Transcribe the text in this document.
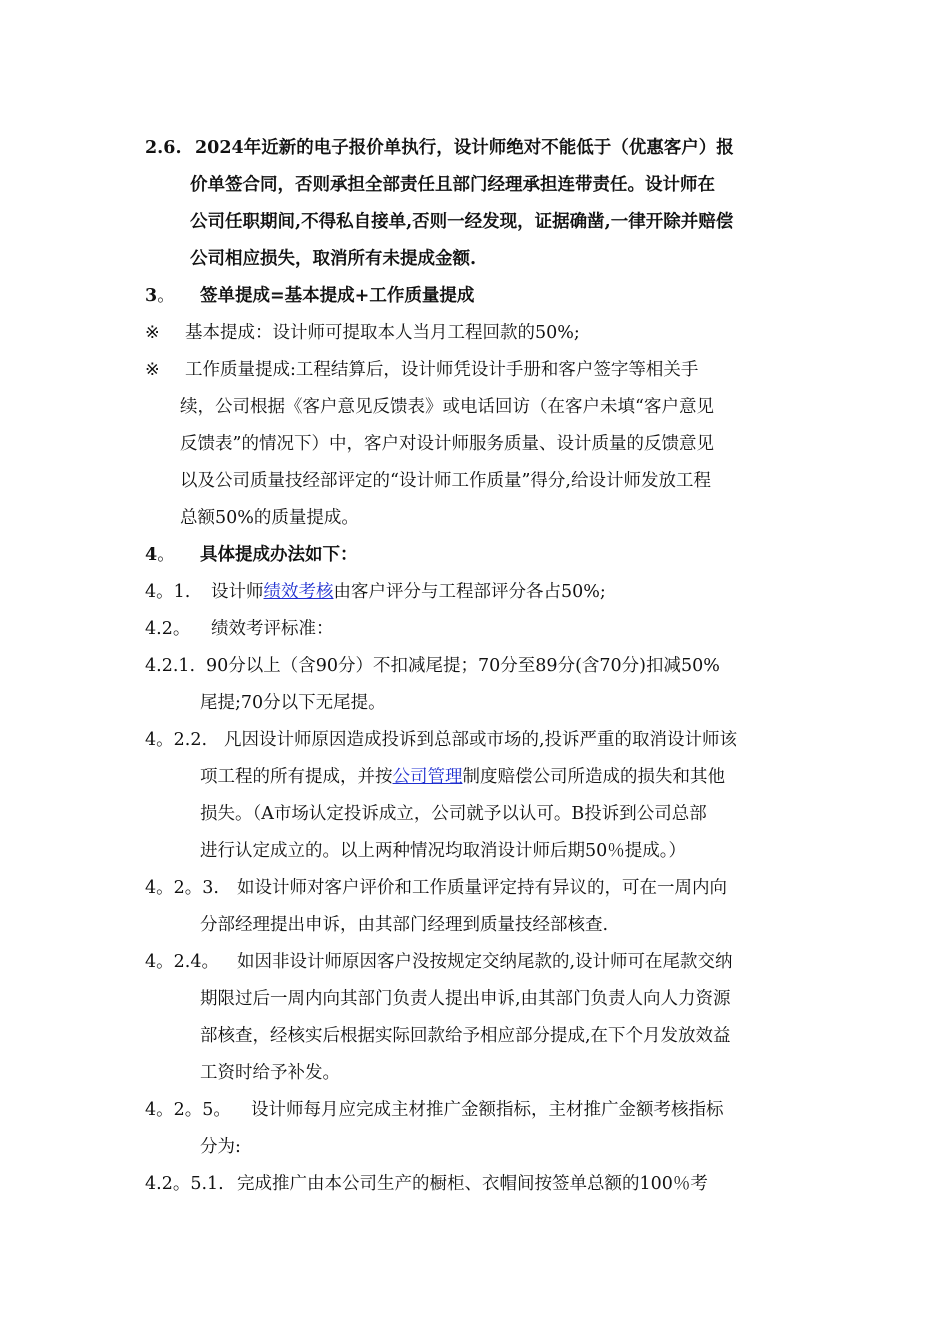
2.6. 2024年近新的电子报价单执行，设计师绝对不能低于（优惠客户）报
价单签合同，否则承担全部责任且部门经理承担连带责任。设计师在
公司任职期间,不得私自接单,否则一经发现，证据确凿,一律开除并赔偿
公司相应损失，取消所有未提成金额.
3。 签单提成=基本提成+工作质量提成
※ 基本提成：设计师可提取本人当月工程回款的50%;
※ 工作质量提成:工程结算后，设计师凭设计手册和客户签字等相关手
续，公司根据《客户意见反馈表》或电话回访（在客户未填“客户意见
反馈表”的情况下）中，客户对设计师服务质量、设计质量的反馈意见
以及公司质量技经部评定的“设计师工作质量”得分,给设计师发放工程
总额50%的质量提成。
4。 具体提成办法如下：
4。1. 设计师绩效考核由客户评分与工程部评分各占50%;
4.2。 绩效考评标准：
4.2.1. 90分以上（含90分）不扣减尾提；70分至89分(含70分)扣减50%
尾提;70分以下无尾提。
4。2.2. 凡因设计师原因造成投诉到总部或市场的,投诉严重的取消设计师该
项工程的所有提成，并按公司管理制度赔偿公司所造成的损失和其他
损失。（A市场认定投诉成立，公司就予以认可。B投诉到公司总部
进行认定成立的。以上两种情况均取消设计师后期50％提成。）
4。2。3. 如设计师对客户评价和工作质量评定持有异议的，可在一周内向
分部经理提出申诉，由其部门经理到质量技经部核查.
4。2.4。 如因非设计师原因客户没按规定交纳尾款的,设计师可在尾款交纳
期限过后一周内向其部门负责人提出申诉,由其部门负责人向人力资源
部核查，经核实后根据实际回款给予相应部分提成,在下个月发放效益
工资时给予补发。
4。2。5。 设计师每月应完成主材推广金额指标，主材推广金额考核指标
分为:
4.2。5.1. 完成推广由本公司生产的橱柜、衣帽间按签单总额的100％考
